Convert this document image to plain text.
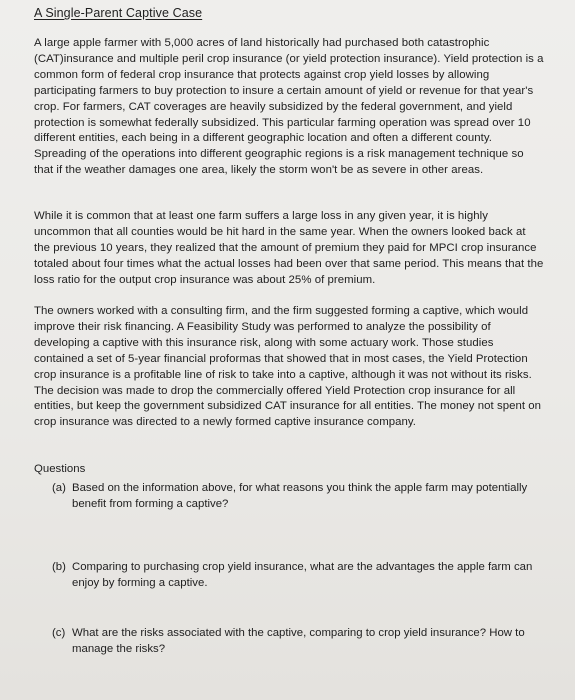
A Single-Parent Captive Case
A large apple farmer with 5,000 acres of land historically had purchased both catastrophic (CAT)insurance and multiple peril crop insurance (or yield protection insurance). Yield protection is a common form of federal crop insurance that protects against crop yield losses by allowing participating farmers to buy protection to insure a certain amount of yield or revenue for that year's crop. For farmers, CAT coverages are heavily subsidized by the federal government, and yield protection is somewhat federally subsidized. This particular farming operation was spread over 10 different entities, each being in a different geographic location and often a different county. Spreading of the operations into different geographic regions is a risk management technique so that if the weather damages one area, likely the storm won't be as severe in other areas.
While it is common that at least one farm suffers a large loss in any given year, it is highly uncommon that all counties would be hit hard in the same year. When the owners looked back at the previous 10 years, they realized that the amount of premium they paid for MPCI crop insurance totaled about four times what the actual losses had been over that same period. This means that the loss ratio for the output crop insurance was about 25% of premium.
The owners worked with a consulting firm, and the firm suggested forming a captive, which would improve their risk financing. A Feasibility Study was performed to analyze the possibility of developing a captive with this insurance risk, along with some actuary work. Those studies contained a set of 5-year financial proformas that showed that in most cases, the Yield Protection crop insurance is a profitable line of risk to take into a captive, although it was not without its risks. The decision was made to drop the commercially offered Yield Protection crop insurance for all entities, but keep the government subsidized CAT insurance for all entities. The money not spent on crop insurance was directed to a newly formed captive insurance company.
Questions
(a) Based on the information above, for what reasons you think the apple farm may potentially benefit from forming a captive?
(b) Comparing to purchasing crop yield insurance, what are the advantages the apple farm can enjoy by forming a captive.
(c) What are the risks associated with the captive, comparing to crop yield insurance? How to manage the risks?
